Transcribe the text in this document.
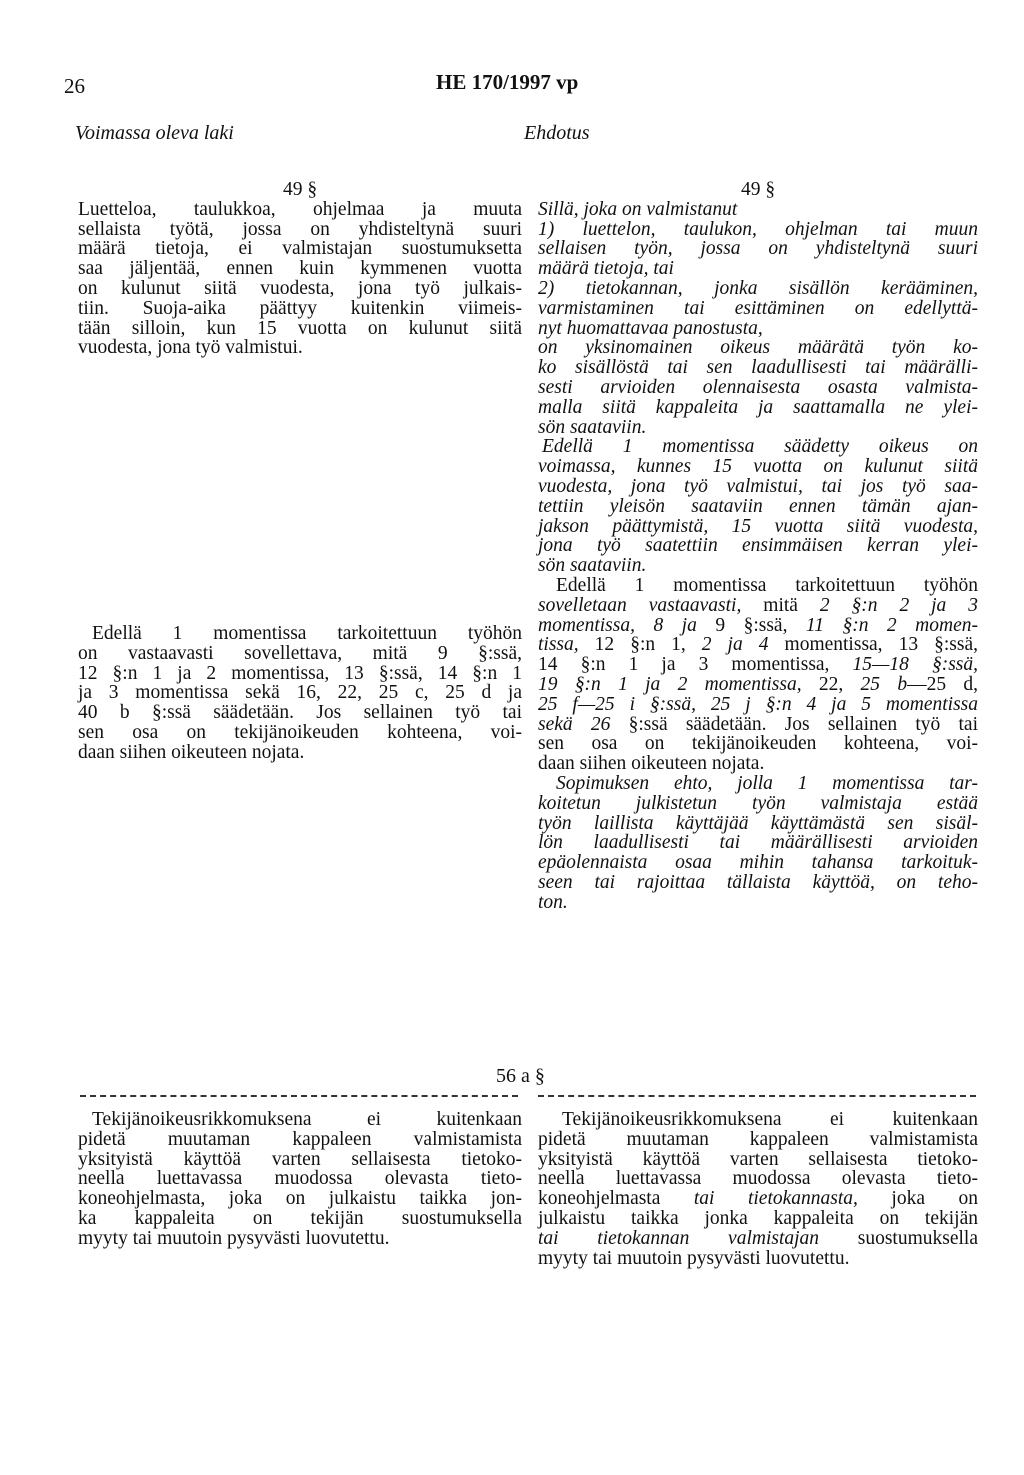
26	HE 170/1997 vp
Voimassa oleva laki	Ehdotus
49 §
Luetteloa, taulukkoa, ohjelmaa ja muuta
sellaista työtä, jossa on yhdisteltynä suuri
määrä tietoja, ei valmistajan suostumuksetta
saa jäljentää, ennen kuin kymmenen vuotta
on kulunut siitä vuodesta, jona työ julkais-
tiin. Suoja-aika päättyy kuitenkin viimeis-
tään silloin, kun 15 vuotta on kulunut siitä
vuodesta, jona työ valmistui.
Edellä 1 momentissa tarkoitettuun työhön
on vastaavasti sovellettava, mitä 9 §:ssä,
12 §:n 1 ja 2 momentissa, 13 §:ssä, 14 §:n 1
ja 3 momentissa sekä 16, 22, 25 c, 25 d ja
40 b §:ssä säädetään. Jos sellainen työ tai
sen osa on tekijänoikeuden kohteena, voi-
daan siihen oikeuteen nojata.
49 §
Sillä, joka on valmistanut
1) luettelon, taulukon, ohjelman tai muun
sellaisen työn, jossa on yhdisteltynä suuri
määrä tietoja, tai
2) tietokannan, jonka sisällön kerääminen,
varmistaminen tai esittäminen on edellyttä-
nyt huomattavaa panostusta,
on yksinomainen oikeus määrätä työn ko-
ko sisällöstä tai sen laadullisesti tai määrälli-
sesti arvioiden olennaisesta osasta valmista-
malla siitä kappaleita ja saattamalla ne ylei-
sön saataviin.
Edellä 1 momentissa säädetty oikeus on
voimassa, kunnes 15 vuotta on kulunut siitä
vuodesta, jona työ valmistui, tai jos työ saa-
tettiin yleisön saataviin ennen tämän ajan-
jakson päättymistä, 15 vuotta siitä vuodesta,
jona työ saatettiin ensimmäisen kerran ylei-
sön saataviin.
Edellä 1 momentissa tarkoitettuun työhön
sovelletaan vastaavasti, mitä 2 §:n 2 ja 3
momentissa, 8 ja 9 §:ssä, 11 §:n 2 momen-
tissa, 12 §:n 1, 2 ja 4 momentissa, 13 §:ssä,
14 §:n 1 ja 3 momentissa, 15—18 §:ssä,
19 §:n 1 ja 2 momentissa, 22, 25 b—25 d,
25 f—25 i §:ssä, 25 j §:n 4 ja 5 momentissa
sekä 26 §:ssä säädetään. Jos sellainen työ tai
sen osa on tekijänoikeuden kohteena, voi-
daan siihen oikeuteen nojata.
Sopimuksen ehto, jolla 1 momentissa tar-
koitetun julkistetun työn valmistaja estää
työn laillista käyttäjää käyttämästä sen sisäl-
lön laadullisesti tai määrällisesti arvioiden
epäolennaista osaa mihin tahansa tarkoituk-
seen tai rajoittaa tällaista käyttöä, on teho-
ton.
56 a §
Tekijänoikeusrikkomuksena ei kuitenkaan
pidetä muutaman kappaleen valmistamista
yksityistä käyttöä varten sellaisesta tietoko-
neella luettavassa muodossa olevasta tieto-
koneohjelmasta, joka on julkaistu taikka jon-
ka kappaleita on tekijän suostumuksella
myyty tai muutoin pysyvästi luovutettu.
Tekijänoikeusrikkomuksena ei kuitenkaan
pidetä muutaman kappaleen valmistamista
yksityistä käyttöä varten sellaisesta tietoko-
neella luettavassa muodossa olevasta tieto-
koneohjelmasta tai tietokannasta, joka on
julkaistu taikka jonka kappaleita on tekijän
tai tietokannan valmistajan suostumuksella
myyty tai muutoin pysyvästi luovutettu.
